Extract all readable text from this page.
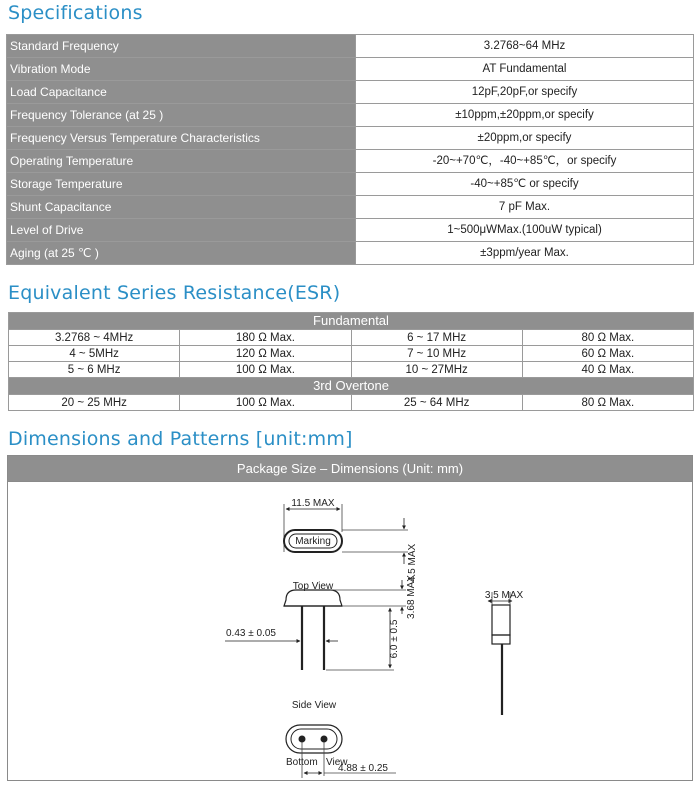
Specifications
Standard Frequency	3.2768~64 MHz
Vibration Mode	AT Fundamental
Load Capacitance	12pF,20pF,or specify
Frequency Tolerance (at 25 )	±10ppm,±20ppm,or specify
Frequency Versus Temperature Characteristics	±20ppm,or specify
Operating Temperature	-20~+70℃，-40~+85℃，or specify
Storage Temperature	-40~+85℃ or specify
Shunt Capacitance	7 pF Max.
Level of Drive	1~500μWMax.(100uW typical)
Aging (at 25 ℃ )	±3ppm/year Max.
Equivalent Series Resistance(ESR)
Fundamental			
3.2768 ~ 4MHz	180 Ω Max.	6 ~ 17 MHz	80 Ω Max.
4 ~ 5MHz	120 Ω Max.	7 ~ 10 MHz	60 Ω Max.
5 ~ 6 MHz	100 Ω Max.	10 ~ 27MHz	40 Ω Max.
3rd Overtone			
20 ~ 25 MHz	100 Ω Max.	25 ~ 64 MHz	80 Ω Max.
Dimensions and Patterns [unit:mm]
Package Size – Dimensions (Unit: mm)
11.5 MAX
Marking
4.5 MAX
Top View	3.68 MAX
6.0 ± 0.5
0.43 ± 0.05
Side View
4.88 ± 0.25
3.5 MAX
Bottom   View
